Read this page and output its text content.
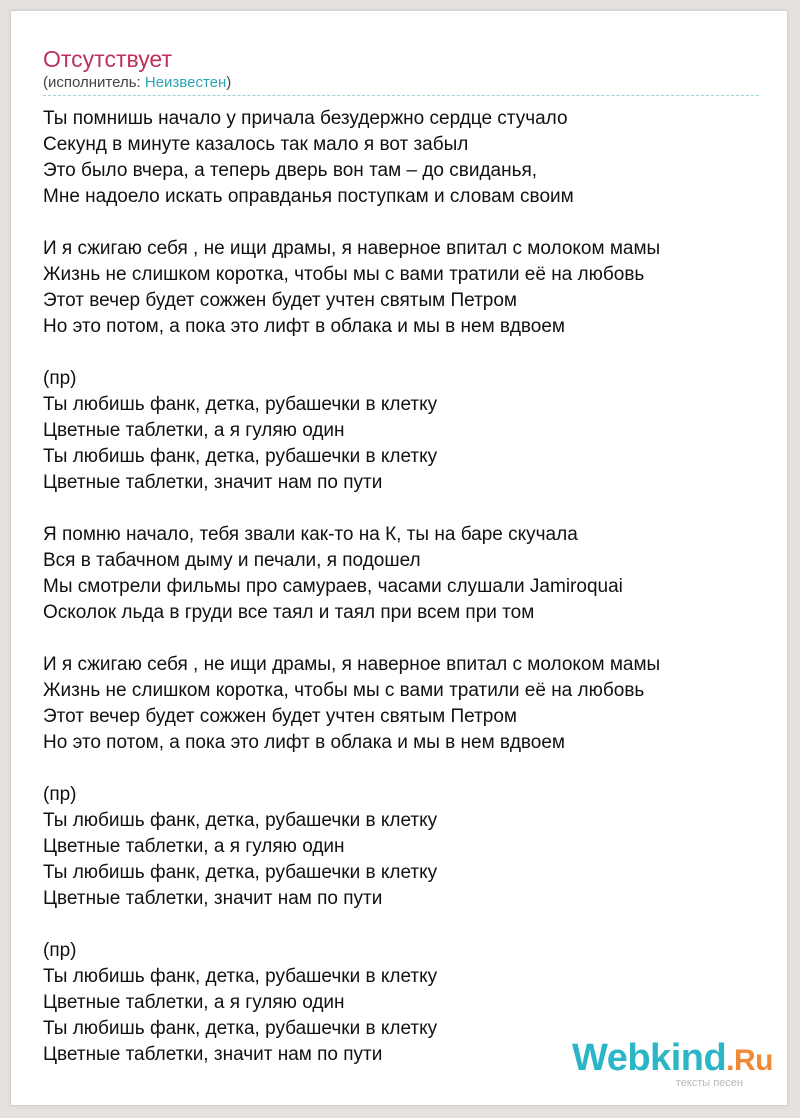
Отсутствует
(исполнитель: Неизвестен)
Ты помнишь начало у причала безудержно сердце стучало
Секунд в минуте казалось так мало я вот забыл
Это было вчера, а теперь дверь вон там – до свиданья,
Мне надоело искать оправданья поступкам и словам своим
И я сжигаю себя , не ищи драмы, я наверное впитал с молоком мамы
Жизнь не слишком коротка, чтобы мы с вами тратили её на любовь
Этот вечер будет сожжен будет учтен святым Петром
Но это потом, а пока это лифт в облака и мы в нем вдвоем
(пр)
Ты любишь фанк, детка, рубашечки в клетку
Цветные таблетки, а я гуляю один
Ты любишь фанк, детка, рубашечки в клетку
Цветные таблетки, значит нам по пути
Я помню начало, тебя звали как-то на К, ты на баре скучала
Вся в табачном дыму и печали, я подошел
Мы смотрели фильмы про самураев, часами слушали Jamiroquai
Осколок льда в груди все таял и таял при всем при том
И я сжигаю себя , не ищи драмы, я наверное впитал с молоком мамы
Жизнь не слишком коротка, чтобы мы с вами тратили её на любовь
Этот вечер будет сожжен будет учтен святым Петром
Но это потом, а пока это лифт в облака и мы в нем вдвоем
(пр)
Ты любишь фанк, детка, рубашечки в клетку
Цветные таблетки, а я гуляю один
Ты любишь фанк, детка, рубашечки в клетку
Цветные таблетки, значит нам по пути
(пр)
Ты любишь фанк, детка, рубашечки в клетку
Цветные таблетки, а я гуляю один
Ты любишь фанк, детка, рубашечки в клетку
Цветные таблетки, значит нам по пути	Webkind.Ru
тексты песен
